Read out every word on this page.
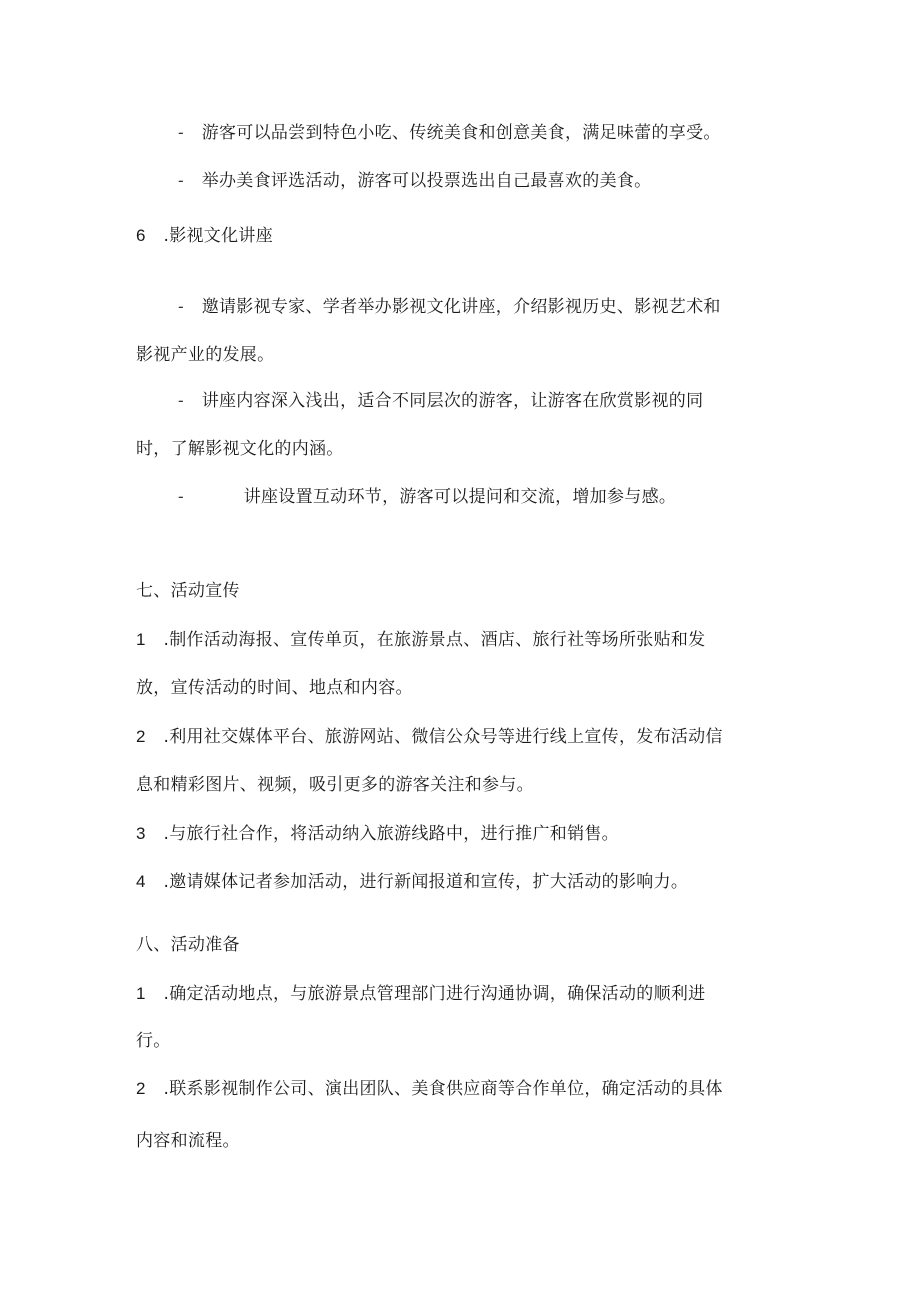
- 游客可以品尝到特色小吃、传统美食和创意美食，满足味蕾的享受。
- 举办美食评选活动，游客可以投票选出自己最喜欢的美食。
6 .影视文化讲座
- 邀请影视专家、学者举办影视文化讲座，介绍影视历史、影视艺术和
影视产业的发展。
- 讲座内容深入浅出，适合不同层次的游客，让游客在欣赏影视的同
时，了解影视文化的内涵。
-	讲座设置互动环节，游客可以提问和交流，增加参与感。
七、活动宣传
1 .制作活动海报、宣传单页，在旅游景点、酒店、旅行社等场所张贴和发
放，宣传活动的时间、地点和内容。
2 .利用社交媒体平台、旅游网站、微信公众号等进行线上宣传，发布活动信
息和精彩图片、视频，吸引更多的游客关注和参与。
3 .与旅行社合作，将活动纳入旅游线路中，进行推广和销售。
4 .邀请媒体记者参加活动，进行新闻报道和宣传，扩大活动的影响力。
八、活动准备
1 .确定活动地点，与旅游景点管理部门进行沟通协调，确保活动的顺利进
行。
2 .联系影视制作公司、演出团队、美食供应商等合作单位，确定活动的具体
内容和流程。
